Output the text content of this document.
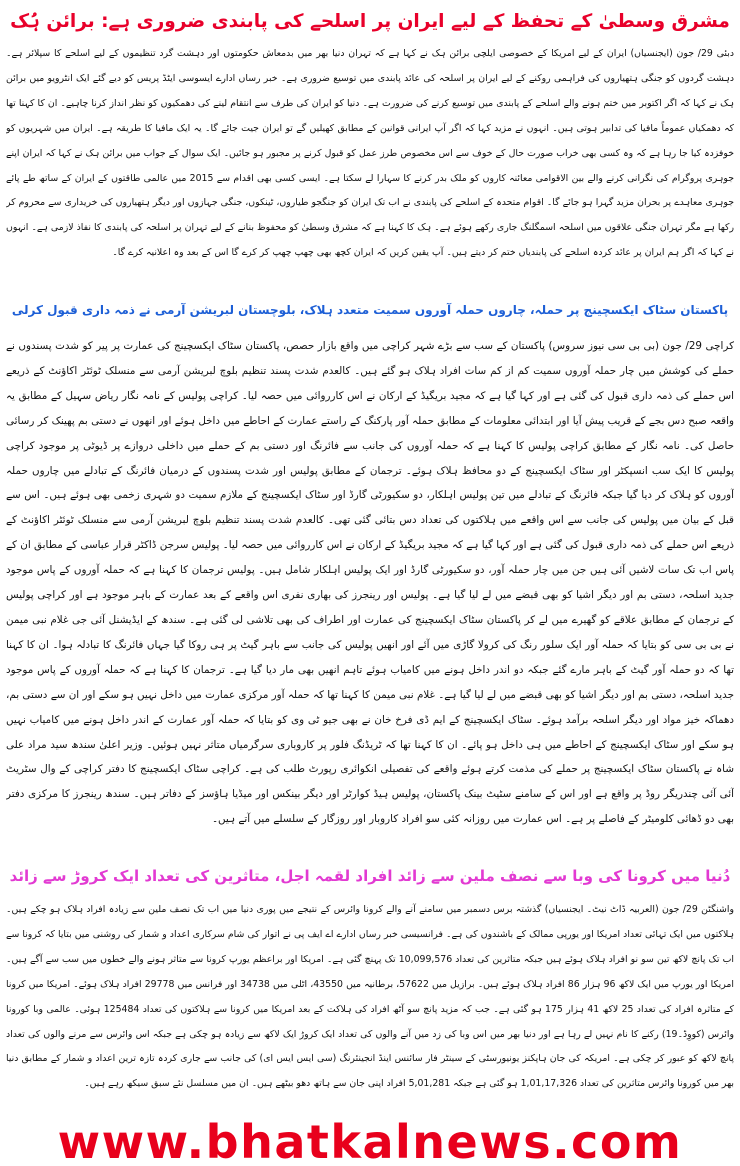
مشرق وسطیٰ کے تحفظ کے لیے ایران پر اسلحے کی پابندی ضروری ہے: برائن ہُک

دبئی 29/ جون (ایجنسیاں) ایران کے لیے امریکا کے خصوصی ایلچی برائن ہک نے کہا ہے کہ تہران دنیا بھر میں بدمعاش حکومتوں اور دہشت گرد تنظیموں کے لیے اسلحے کا سپلائر ہے۔ دہشت گردوں کو جنگی ہتھیاروں کی فراہمی روکنے کے لیے ایران پر اسلحہ کی عائد پابندی میں توسیع ضروری ہے۔ خبر رساں ادارے ایسوسی ایٹڈ پریس کو دیے گئے ایک انٹرویو میں برائن ہک نے کہا کہ اگر اکتوبر میں ختم ہونے والے اسلحے کے پابندی میں توسیع کرنے کی ضرورت ہے۔ دنیا کو ایران کی طرف سے انتقام لینے کی دھمکیوں کو نظر انداز کرنا چاہیے۔ ان کا کہنا تھا کہ دھمکیاں عموماً مافیا کی تدابیر ہوتی ہیں۔ انہوں نے مزید کہا کہ اگر آپ ایرانی قوانین کے مطابق کھیلیں گے تو ایران جیت جائے گا۔ یہ ایک مافیا کا طریقہ ہے۔ ایران میں شہریوں کو خوفزدہ کیا جا رہا ہے کہ وہ کسی بھی خراب صورت حال کے خوف سے اس مخصوص طرز عمل کو قبول کرنے پر مجبور ہو جائیں۔ ایک سوال کے جواب میں برائن ہک نے کہا کہ ایران اپنے جوہری پروگرام کی نگرانی کرنے والے بین الاقوامی معائنہ کاروں کو ملک بدر کرنے کا سہارا لے سکتا ہے۔ ایسی کسی بھی اقدام سے 2015 میں عالمی طاقتوں کے ایران کے ساتھ طے پائے جوہری معاہدے پر بحران مزید گہرا ہو جائے گا۔ اقوام متحدہ کے اسلحے کی پابندی نے اب تک ایران کو جنگجو طیاروں، ٹینکوں، جنگی جہازوں اور دیگر ہتھیاروں کی خریداری سے محروم کر رکھا ہے مگر تہران جنگی علاقوں میں اسلحہ اسمگلنگ جاری رکھے ہوئے ہے۔ ہک کا کہنا ہے کہ مشرق وسطیٰ کو محفوظ بنانے کے لیے تہران پر اسلحہ کی پابندی کا نفاذ لازمی ہے۔ انہوں نے کہا کہ اگر ہم ایران پر عائد کردہ اسلحے کی پابندیاں ختم کر دیتے ہیں۔ آپ یقین کریں کہ ایران کچھ بھی چھپ چھپ کر کرے گا اس کے بعد وہ اعلانیہ کرے گا۔

پاکستان سٹاک ایکسچینج پر حملہ، چاروں حملہ آوروں سمیت متعدد ہلاک، بلوچستان لبریشن آرمی نے ذمہ داری قبول کرلی

کراچی 29/ جون (بی بی سی نیوز سروس) پاکستان کے سب سے بڑے شہر کراچی میں واقع بازار حصص، پاکستان سٹاک ایکسچینج کی عمارت پر پیر کو شدت پسندوں نے حملے کی کوشش میں چار حملہ آوروں سمیت کم از کم سات افراد ہلاک ہو گئے ہیں۔ کالعدم شدت پسند تنظیم بلوچ لبریشن آرمی سے منسلک ٹوئٹر اکاؤنٹ کے ذریعے اس حملے کی ذمہ داری قبول کی گئی ہے اور کہا گیا ہے کہ مجید بریگیڈ کے ارکان نے اس کارروائی میں حصہ لیا۔ کراچی پولیس کے نامہ نگار ریاض سہیل کے مطابق یہ واقعہ صبح دس بجے کے قریب پیش آیا اور ابتدائی معلومات کے مطابق حملہ آور پارکنگ کے راستے عمارت کے احاطے میں داخل ہوئے اور انھوں نے دستی بم پھینک کر رسائی حاصل کی۔ نامہ نگار کے مطابق کراچی پولیس کا کہنا ہے کہ حملہ آوروں کی جانب سے فائرنگ اور دستی بم کے حملے میں داخلی دروازے پر ڈیوٹی پر موجود کراچی پولیس کا ایک سب انسپکٹر اور سٹاک ایکسچینج کے دو محافظ ہلاک ہوئے۔ ترجمان کے مطابق پولیس اور شدت پسندوں کے درمیان فائرنگ کے تبادلے میں چاروں حملہ آوروں کو ہلاک کر دیا گیا جبکہ فائرنگ کے تبادلے میں تین پولیس اہلکار، دو سکیورٹی گارڈ اور سٹاک ایکسچینج کے ملازم سمیت دو شہری زخمی بھی ہوئے ہیں۔ اس سے قبل کے بیان میں پولیس کی جانب سے اس واقعے میں ہلاکتوں کی تعداد دس بتائی گئی تھی۔ کالعدم شدت پسند تنظیم بلوچ لبریشن آرمی سے منسلک ٹوئٹر اکاؤنٹ کے ذریعے اس حملے کی ذمہ داری قبول کی گئی ہے اور کہا گیا ہے کہ مجید بریگیڈ کے ارکان نے اس کارروائی میں حصہ لیا۔ پولیس سرجن ڈاکٹر قرار عباسی کے مطابق ان کے پاس اب تک سات لاشیں آئی ہیں جن میں چار حملہ آور، دو سکیورٹی گارڈ اور ایک پولیس اہلکار شامل ہیں۔ پولیس ترجمان کا کہنا ہے کہ حملہ آوروں کے پاس موجود جدید اسلحہ، دستی بم اور دیگر اشیا کو بھی قبضے میں لے لیا گیا ہے۔ پولیس اور رینجرز کی بھاری نفری اس واقعے کے بعد عمارت کے باہر موجود ہے اور کراچی پولیس کے ترجمان کے مطابق علاقے کو گھیرے میں لے کر پاکستان سٹاک ایکسچینج کی عمارت اور اطراف کی بھی تلاشی لی گئی ہے۔ سندھ کے ایڈیشنل آئی جی غلام نبی میمن نے بی بی سی کو بتایا کہ حملہ آور ایک سلور رنگ کی کرولا گاڑی میں آئے اور انھیں پولیس کی جانب سے باہر گیٹ پر ہی روکا گیا جہاں فائرنگ کا تبادلہ ہوا۔ ان کا کہنا تھا کہ دو حملہ آور گیٹ کے باہر مارے گئے جبکہ دو اندر داخل ہونے میں کامیاب ہوئے تاہم انھیں بھی مار دیا گیا ہے۔ ترجمان کا کہنا ہے کہ حملہ آوروں کے پاس موجود جدید اسلحہ، دستی بم اور دیگر اشیا کو بھی قبضے میں لے لیا گیا ہے۔ غلام نبی میمن کا کہنا تھا کہ حملہ آور مرکزی عمارت میں داخل نہیں ہو سکے اور ان سے دستی بم، دھماکہ خیز مواد اور دیگر اسلحہ برآمد ہوئے۔ سٹاک ایکسچینج کے ایم ڈی فرخ خان نے بھی جیو ٹی وی کو بتایا کہ حملہ آور عمارت کے اندر داخل ہونے میں کامیاب نہیں ہو سکے اور سٹاک ایکسچینج کے احاطے میں ہی داخل ہو پائے۔ ان کا کہنا تھا کہ ٹریڈنگ فلور پر کاروباری سرگرمیاں متاثر نہیں ہوئیں۔ وزیر اعلیٰ سندھ سید مراد علی شاہ نے پاکستان سٹاک ایکسچینج پر حملے کی مذمت کرتے ہوئے واقعے کی تفصیلی انکوائری رپورٹ طلب کی ہے۔ کراچی سٹاک ایکسچینج کا دفتر کراچی کے وال سٹریٹ آئی آئی چندریگر روڈ پر واقع ہے اور اس کے سامنے سٹیٹ بینک پاکستان، پولیس ہیڈ کوارٹر اور دیگر بینکس اور میڈیا ہاؤسز کے دفاتر ہیں۔ سندھ رینجرز کا مرکزی دفتر بھی دو ڈھائی کلومیٹر کے فاصلے پر ہے۔ اس عمارت میں روزانہ کئی سو افراد کاروبار اور روزگار کے سلسلے میں آتے ہیں۔

دُنیا میں کرونا کی وبا سے نصف ملین سے زائد افراد لقمہ اجل، متاثرین کی تعداد ایک کروڑ سے زائد

واشنگٹن 29/ جون (العربیہ ڈاٹ نیٹ۔ ایجنسیاں) گذشتہ برس دسمبر میں سامنے آنے والے کرونا وائرس کے نتیجے میں پوری دنیا میں اب تک نصف ملین سے زیادہ افراد ہلاک ہو چکے ہیں۔ ہلاکتوں میں ایک تہائی تعداد امریکا اور یورپی ممالک کے باشندوں کی ہے۔ فرانسیسی خبر رساں ادارے اے ایف پی نے اتوار کی شام سرکاری اعداد و شمار کی روشنی میں بتایا کہ کرونا سے اب تک پانچ لاکھ تین سو نو افراد ہلاک ہوئے ہیں جبکہ متاثرین کی تعداد 10,099,576 تک پہنچ گئی ہے۔ امریکا اور براعظم یورپ کرونا سے متاثر ہونے والے خطوں میں سب سے آگے ہیں۔ امریکا اور یورپ میں ایک لاکھ 96 ہزار 86 افراد ہلاک ہوئے ہیں۔ برازیل میں 57622، برطانیہ میں 43550، اٹلی میں 34738 اور فرانس میں 29778 افراد ہلاک ہوئے۔ امریکا میں کرونا کے متاثرہ افراد کی تعداد 25 لاکھ 41 ہزار 175 ہو گئی ہے۔ جب کہ مزید پانچ سو آٹھ افراد کی ہلاکت کے بعد امریکا میں کرونا سے ہلاکتوں کی تعداد 125484 ہوئی۔ عالمی وبا کورونا وائرس (کووِڈ۔19) رکنے کا نام نہیں لے رہا ہے اور دنیا بھر میں اس وبا کی زد میں آنے والوں کی تعداد ایک کروڑ ایک لاکھ سے زیادہ ہو چکی ہے جبکہ اس وائرس سے مرنے والوں کی تعداد پانچ لاکھ کو عبور کر چکی ہے۔ امریکہ کی جان ہاپکنز یونیورسٹی کے سینٹر فار سائنس اینڈ انجینئرنگ (سی ایس ایس ای) کی جانب سے جاری کردہ تازہ ترین اعداد و شمار کے مطابق دنیا بھر میں کورونا وائرس متاثرین کی تعداد 1,01,17,326 ہو گئی ہے جبکہ 5,01,281 افراد اپنی جان سے ہاتھ دھو بیٹھے ہیں۔ ان میں مسلسل نئے سبق سیکھ رہے ہیں۔

www.bhatkalnews.com
